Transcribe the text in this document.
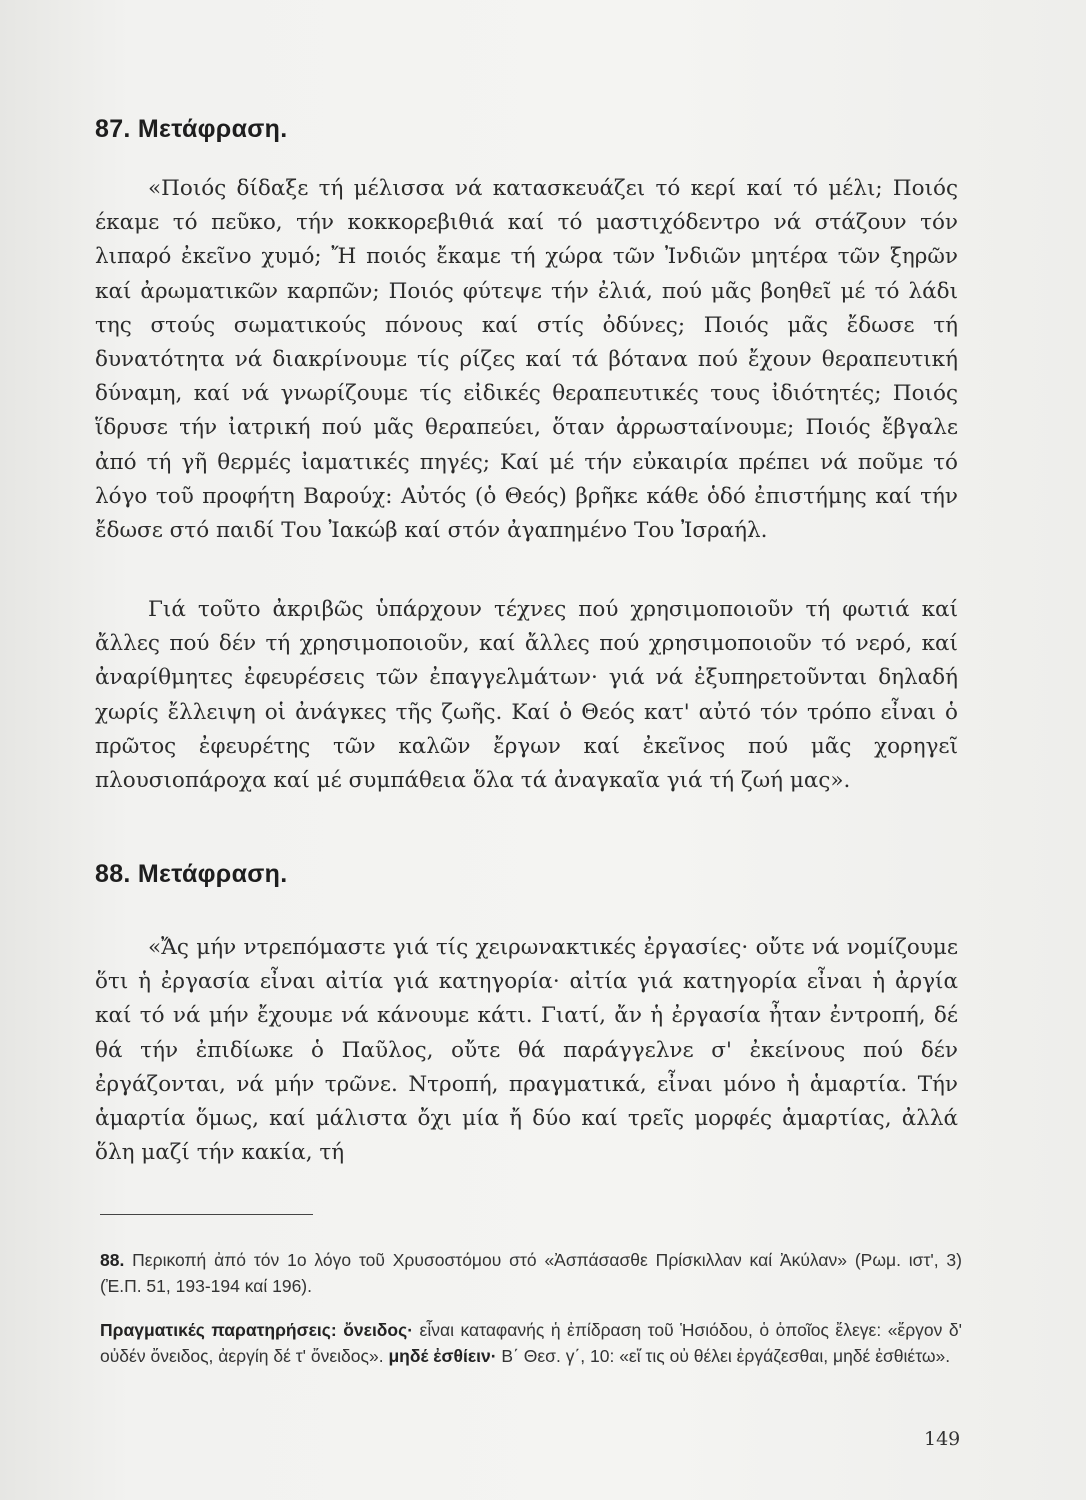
87. Μετάφραση.

«Ποιός δίδαξε τή μέλισσα νά κατασκευάζει τό κερί καί τό μέλι; Ποιός έκαμε τό πεῦκο, τήν κοκκορεβιθιά καί τό μαστιχόδεντρο νά στάζουν τόν λιπαρό ἐκεῖνο χυμό; Ἤ ποιός ἔκαμε τή χώρα τῶν Ἰνδιῶν μητέρα τῶν ξηρῶν καί ἀρωματικῶν καρπῶν; Ποιός φύτεψε τήν ἐλιά, πού μᾶς βοηθεῖ μέ τό λάδι της στούς σωματικούς πόνους καί στίς ὀδύνες; Ποιός μᾶς ἔδωσε τή δυνατότητα νά διακρίνουμε τίς ρίζες καί τά βότανα πού ἔχουν θεραπευτική δύναμη, καί νά γνωρίζουμε τίς εἰδικές θεραπευτικές τους ἰδιότητές; Ποιός ἵδρυσε τήν ἰατρική πού μᾶς θεραπεύει, ὅταν ἀρρωσταίνουμε; Ποιός ἔβγαλε ἀπό τή γῆ θερμές ἰαματικές πηγές; Καί μέ τήν εὐκαιρία πρέπει νά ποῦμε τό λόγο τοῦ προφήτη Βαρούχ: Αὐτός (ὁ Θεός) βρῆκε κάθε ὁδό ἐπιστήμης καί τήν ἔδωσε στό παιδί Του Ἰακώβ καί στόν ἀγαπημένο Του Ἰσραήλ.

Γιά τοῦτο ἀκριβῶς ὑπάρχουν τέχνες πού χρησιμοποιοῦν τή φωτιά καί ἄλλες πού δέν τή χρησιμοποιοῦν, καί ἄλλες πού χρησιμοποιοῦν τό νερό, καί ἀναρίθμητες ἐφευρέσεις τῶν ἐπαγγελμάτων· γιά νά ἐξυπηρετοῦνται δηλαδή χωρίς ἔλλειψη οἱ ἀνάγκες τῆς ζωῆς. Καί ὁ Θεός κατ' αὐτό τόν τρόπο εἶναι ὁ πρῶτος ἐφευρέτης τῶν καλῶν ἔργων καί ἐκεῖνος πού μᾶς χορηγεῖ πλουσιοπάροχα καί μέ συμπάθεια ὅλα τά ἀναγκαῖα γιά τή ζωή μας».

88. Μετάφραση.

«Ἄς μήν ντρεπόμαστε γιά τίς χειρωνακτικές ἐργασίες· οὔτε νά νομίζουμε ὅτι ἡ ἐργασία εἶναι αἰτία γιά κατηγορία· αἰτία γιά κατηγορία εἶναι ἡ ἀργία καί τό νά μήν ἔχουμε νά κάνουμε κάτι. Γιατί, ἄν ἡ ἐργασία ἦταν ἐντροπή, δέ θά τήν ἐπιδίωκε ὁ Παῦλος, οὔτε θά παράγγελνε σ' ἐκείνους πού δέν ἐργάζονται, νά μήν τρῶνε. Ντροπή, πραγματικά, εἶναι μόνο ἡ ἁμαρτία. Τήν ἁμαρτία ὅμως, καί μάλιστα ὄχι μία ἤ δύο καί τρεῖς μορφές ἁμαρτίας, ἀλλά ὅλη μαζί τήν κακία, τή

88. Περικοπή ἀπό τόν 1ο λόγο τοῦ Χρυσοστόμου στό «Ἀσπάσασθε Πρίσκιλλαν καί Ἀκύλαν» (Ρωμ. ιστ', 3) (Ἐ.Π. 51, 193-194 καί 196).

Πραγματικές παρατηρήσεις: ὄνειδος· εἶναι καταφανής ἡ ἐπίδραση τοῦ Ἡσιόδου, ὁ ὁποῖος ἔλεγε: «ἔργον δ' οὐδέν ὄνειδος, ἀεργίη δέ τ' ὄνειδος». μηδέ ἐσθίειν· Β΄ Θεσ. γ΄, 10: «εἴ τις οὐ θέλει ἐργάζεσθαι, μηδέ ἐσθιέτω».

149
